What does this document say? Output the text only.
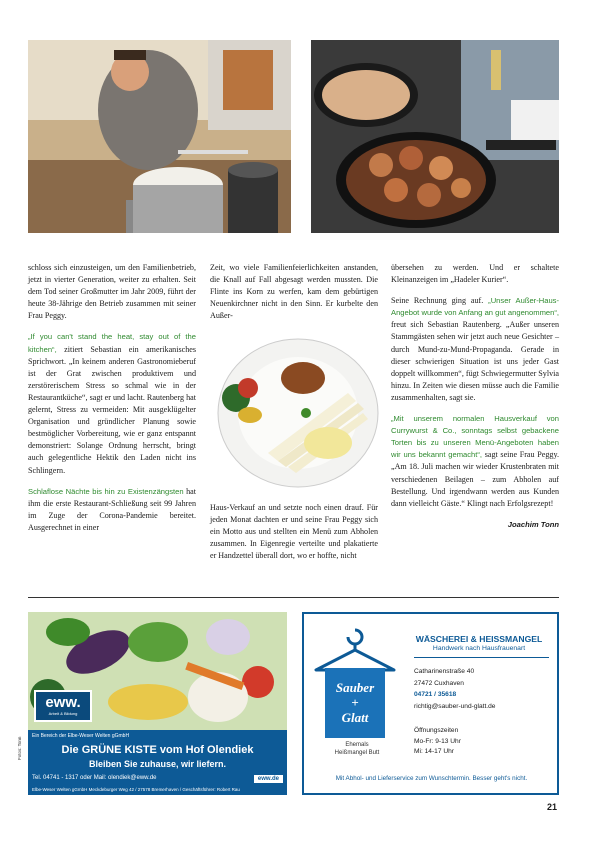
schloss sich einzusteigen, um den Familienbetrieb, jetzt in vierter Generation, weiter zu erhalten. Seit dem Tod seiner Großmutter im Jahr 2009, führt der heute 38-Jährige den Betrieb zusammen mit seiner Frau Peggy.

„If you can't stand the heat, stay out of the kitchen“, zitiert Sebastian ein amerikanisches Sprichwort. „In keinem anderen Gastronomieberuf ist der Grat zwischen produktivem und zerstörerischem Stress so schmal wie in der Restaurantküche“, sagt er und lacht. Rautenberg hat gelernt, Stress zu vermeiden: Mit ausgeklügelter Organisation und gründlicher Planung sowie bestmöglicher Vorbereitung, wie er ganz entspannt demonstriert: Solange Ordnung herrscht, bringt auch gelegentliche Hektik den Laden nicht ins Schlingern.

Schlaflose Nächte bis hin zu Existenzängsten hat ihm die erste Restaurant-Schließung seit 99 Jahren im Zuge der Corona-Pandemie bereitet. Ausgerechnet in einer

Zeit, wo viele Familienfeierlichkeiten anstanden, die Knall auf Fall abgesagt werden mussten. Die Flinte ins Korn zu werfen, kam dem gebürtigen Neuenkirchner nicht in den Sinn. Er kurbelte den Außer-

Haus-Verkauf an und setzte noch einen drauf. Für jeden Monat dachten er und seine Frau Peggy sich ein Motto aus und stellten ein Menü zum Abholen zusammen. In Eigenregie verteilte und plakatierte er Handzettel überall dort, wo er hoffte, nicht

übersehen zu werden. Und er schaltete Kleinanzeigen im „Hadeler Kurier“.

Seine Rechnung ging auf. „Unser Außer-Haus-Angebot wurde von Anfang an gut angenommen“, freut sich Sebastian Rautenberg. „Außer unseren Stammgästen sehen wir jetzt auch neue Gesichter – durch Mund-zu-Mund-Propaganda. Gerade in dieser schwierigen Situation ist uns jeder Gast doppelt willkommen“, fügt Schwiegermutter Sylvia hinzu. In Zeiten wie diesen müsse auch die Familie zusammenhalten, sagt sie.

„Mit unserem normalen Hausverkauf von Currywurst & Co., sonntags selbst gebackene Torten bis zu unseren Menü-Angeboten haben wir uns bekannt gemacht“, sagt seine Frau Peggy. „Am 18. Juli machen wir wieder Krustenbraten mit verschiedenen Beilagen – zum Abholen auf Bestellung. Und irgendwann werden aus Kunden dann vielleicht Gäste.“ Klingt nach Erfolgsrezept!

Joachim Tonn
Ein Bereich der Elbe-Weser Welten gGmbH
Die GRÜNE KISTE vom Hof Olendiek
Bleiben Sie zuhause, wir liefern.
Tel. 04741 - 1317 oder Mail: olendiek@eww.de	eww.de
Elbe-Weser Welten gGmbH Meckdeburger Weg 42 / 27578 Bremerhaven / Geschäftsführer: Robert Rau
eww.
Arbeit & Bildung
Fotos: Tonn
Sauber
+
Glatt
Ehemals
Heißmangel Butt
WÄSCHEREI & HEISSMANGEL
Handwerk nach Hausfrauenart
Catharinenstraße 40
27472 Cuxhaven
04721 / 35618
richtig@sauber-und-glatt.de
Öffnungszeiten
Mo-Fr: 9-13 Uhr
Mi: 14-17 Uhr
Mit Abhol- und Lieferservice zum Wunschtermin. Besser geht's nicht.
21
